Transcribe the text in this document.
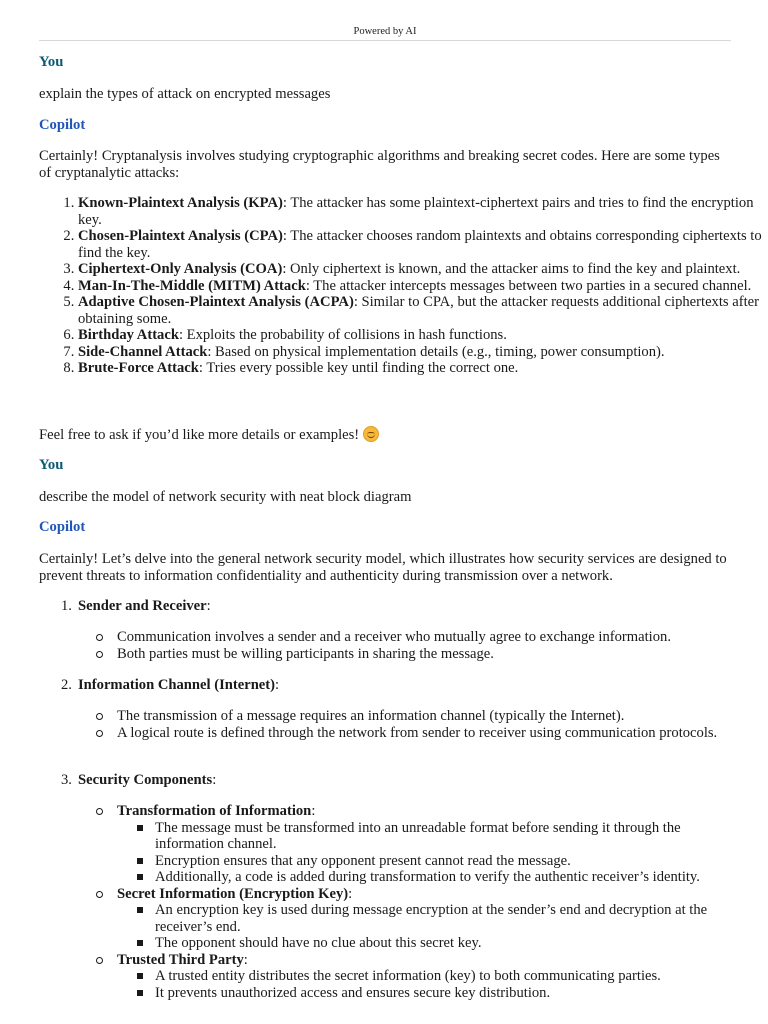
Powered by AI

You

explain the types of attack on encrypted messages

Copilot

Certainly! Cryptanalysis involves studying cryptographic algorithms and breaking secret codes. Here are some types of cryptanalytic attacks:

1. Known-Plaintext Analysis (KPA): The attacker has some plaintext-ciphertext pairs and tries to find the encryption key.
2. Chosen-Plaintext Analysis (CPA): The attacker chooses random plaintexts and obtains corresponding ciphertexts to find the key.
3. Ciphertext-Only Analysis (COA): Only ciphertext is known, and the attacker aims to find the key and plaintext.
4. Man-In-The-Middle (MITM) Attack: The attacker intercepts messages between two parties in a secured channel.
5. Adaptive Chosen-Plaintext Analysis (ACPA): Similar to CPA, but the attacker requests additional ciphertexts after obtaining some.
6. Birthday Attack: Exploits the probability of collisions in hash functions.
7. Side-Channel Attack: Based on physical implementation details (e.g., timing, power consumption).
8. Brute-Force Attack: Tries every possible key until finding the correct one.

Feel free to ask if you’d like more details or examples!

You

describe the model of network security with neat block diagram

Copilot

Certainly! Let’s delve into the general network security model, which illustrates how security services are designed to prevent threats to information confidentiality and authenticity during transmission over a network.

1. Sender and Receiver:
Communication involves a sender and a receiver who mutually agree to exchange information.
Both parties must be willing participants in sharing the message.
2. Information Channel (Internet):
The transmission of a message requires an information channel (typically the Internet).
A logical route is defined through the network from sender to receiver using communication protocols.
3. Security Components:
Transformation of Information:
The message must be transformed into an unreadable format before sending it through the information channel.
Encryption ensures that any opponent present cannot read the message.
Additionally, a code is added during transformation to verify the authentic receiver’s identity.
Secret Information (Encryption Key):
An encryption key is used during message encryption at the sender’s end and decryption at the receiver’s end.
The opponent should have no clue about this secret key.
Trusted Third Party:
A trusted entity distributes the secret information (key) to both communicating parties.
It prevents unauthorized access and ensures secure key distribution.
